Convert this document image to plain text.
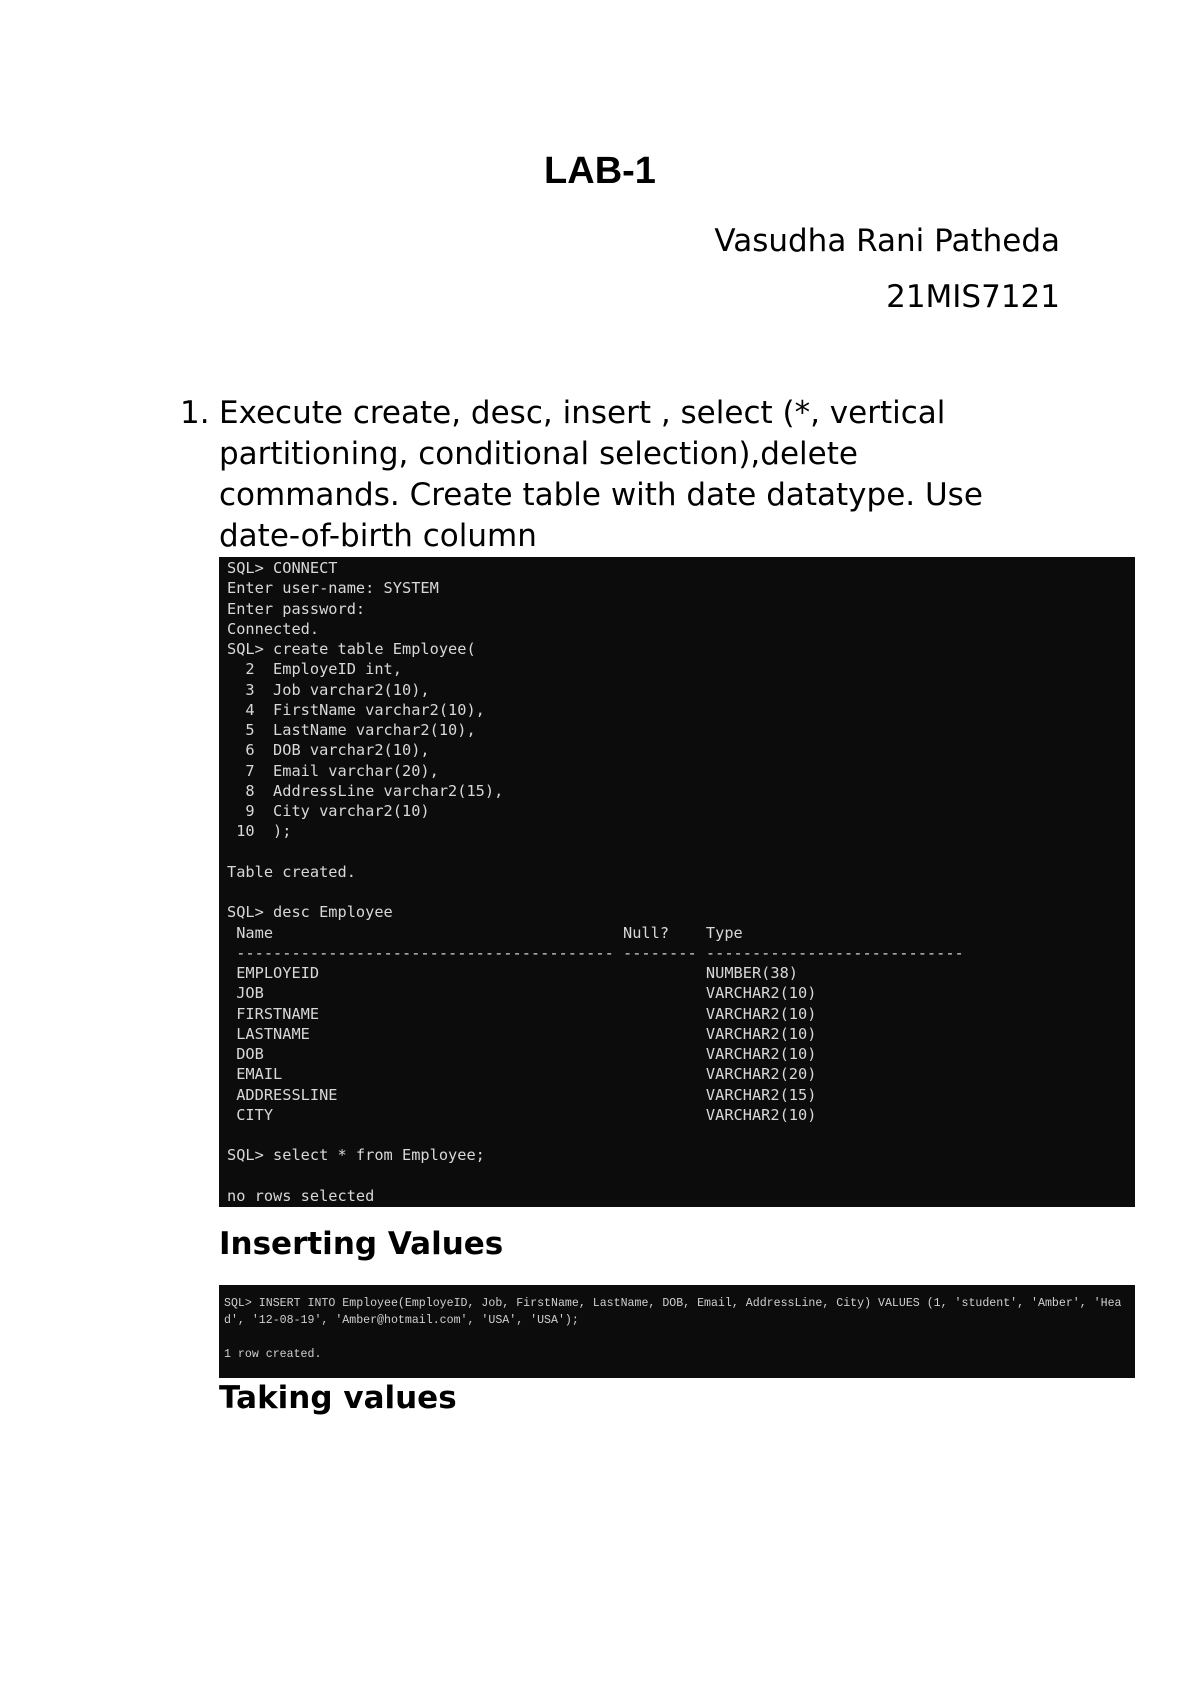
LAB-1

Vasudha Rani Patheda

21MIS7121

1. Execute create, desc, insert , select (*, vertical partitioning, conditional selection),delete commands. Create table with date datatype. Use date-of-birth column
SQL> CONNECT
Enter user-name: SYSTEM
Enter password:
Connected.
SQL> create table Employee(
2  EmployeID int,
3  Job varchar2(10),
4  FirstName varchar2(10),
5  LastName varchar2(10),
6  DOB varchar2(10),
7  Email varchar(20),
8  AddressLine varchar2(15),
9  City varchar2(10)
10  );
Table created.
SQL> desc Employee
Name                                      Null?    Type
----------------------------------------- -------- ----------------------------
EMPLOYEID                                          NUMBER(38)
JOB                                                VARCHAR2(10)
FIRSTNAME                                          VARCHAR2(10)
LASTNAME                                           VARCHAR2(10)
DOB                                                VARCHAR2(10)
EMAIL                                              VARCHAR2(20)
ADDRESSLINE                                        VARCHAR2(15)
CITY                                               VARCHAR2(10)
SQL> select * from Employee;
no rows selected
Inserting Values
SQL> INSERT INTO Employee(EmployeID, Job, FirstName, LastName, DOB, Email, AddressLine, City) VALUES (1, 'student', 'Amber', 'Head', '12-08-19', 'Amber@hotmail.com', 'USA', 'USA');
1 row created.
Taking values
